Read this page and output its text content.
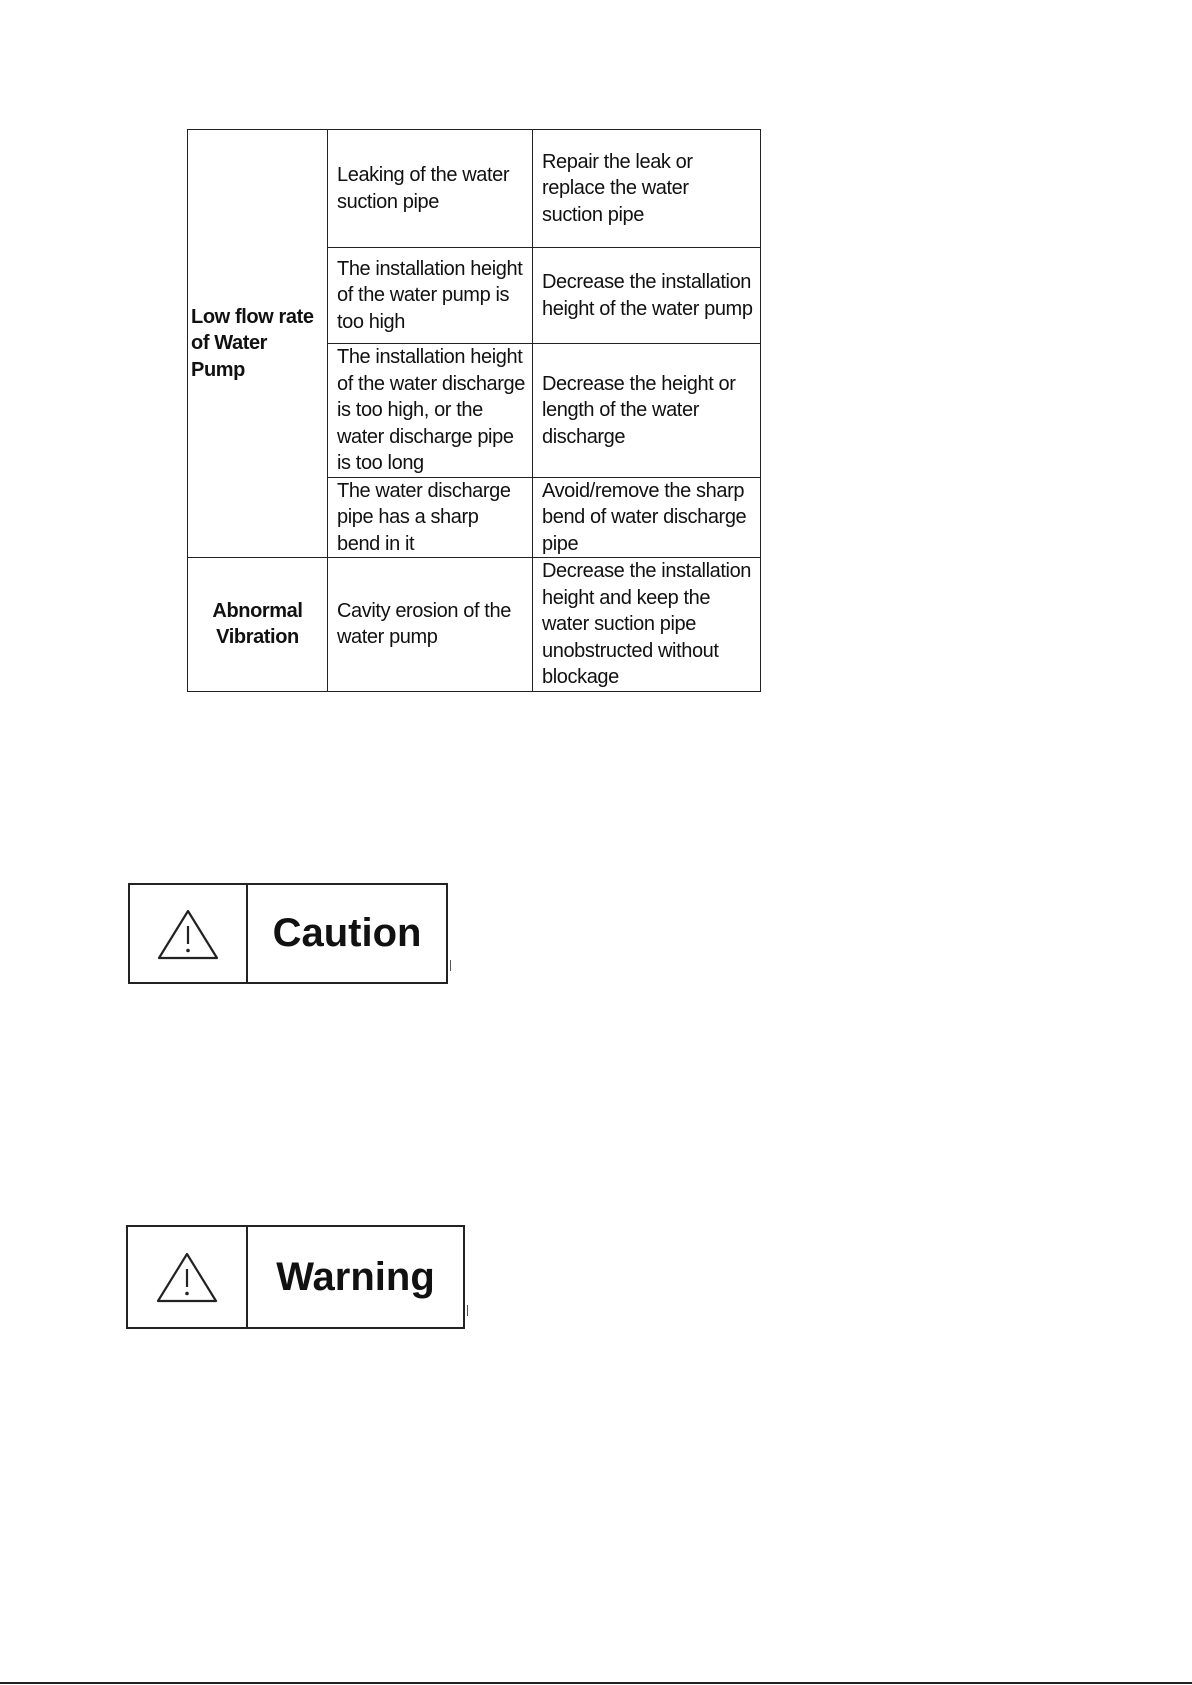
Low flow rate of Water Pump	Leaking of the water suction pipe	Repair the leak or replace the water suction pipe
	The installation height of the water pump is too high	Decrease the installation height of the water pump
	The installation height of the water discharge is too high, or the water discharge pipe is too long	Decrease the height or length of the water discharge
	The water discharge pipe has a sharp bend in it	Avoid/remove the sharp bend of water discharge pipe
Abnormal Vibration	Cavity erosion of the water pump	Decrease the installation height and keep the water suction pipe unobstructed without blockage
Caution
Warning
